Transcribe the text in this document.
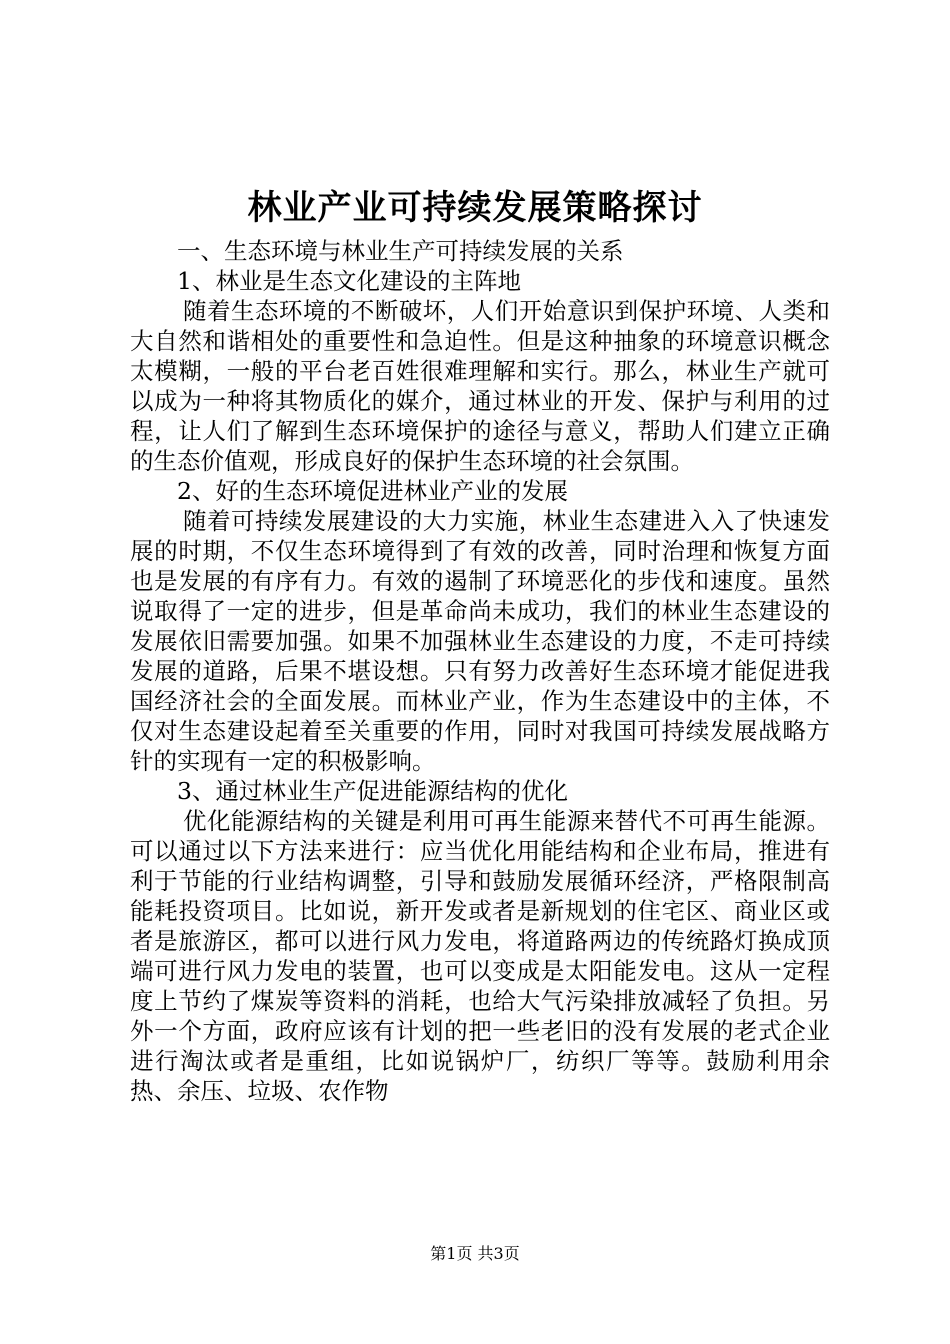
林业产业可持续发展策略探讨

一、生态环境与林业生产可持续发展的关系

1、林业是生态文化建设的主阵地

随着生态环境的不断破坏，人们开始意识到保护环境、人类和大自然和谐相处的重要性和急迫性。但是这种抽象的环境意识概念太模糊，一般的平台老百姓很难理解和实行。那么，林业生产就可以成为一种将其物质化的媒介，通过林业的开发、保护与利用的过程，让人们了解到生态环境保护的途径与意义，帮助人们建立正确的生态价值观，形成良好的保护生态环境的社会氛围。

2、好的生态环境促进林业产业的发展

随着可持续发展建设的大力实施，林业生态建进入入了快速发展的时期，不仅生态环境得到了有效的改善，同时治理和恢复方面也是发展的有序有力。有效的遏制了环境恶化的步伐和速度。虽然说取得了一定的进步，但是革命尚未成功，我们的林业生态建设的发展依旧需要加强。如果不加强林业生态建设的力度，不走可持续发展的道路，后果不堪设想。只有努力改善好生态环境才能促进我国经济社会的全面发展。而林业产业，作为生态建设中的主体，不仅对生态建设起着至关重要的作用，同时对我国可持续发展战略方针的实现有一定的积极影响。

3、通过林业生产促进能源结构的优化

优化能源结构的关键是利用可再生能源来替代不可再生能源。可以通过以下方法来进行：应当优化用能结构和企业布局，推进有利于节能的行业结构调整，引导和鼓励发展循环经济，严格限制高能耗投资项目。比如说，新开发或者是新规划的住宅区、商业区或者是旅游区，都可以进行风力发电，将道路两边的传统路灯换成顶端可进行风力发电的装置，也可以变成是太阳能发电。这从一定程度上节约了煤炭等资料的消耗，也给大气污染排放减轻了负担。另外一个方面，政府应该有计划的把一些老旧的没有发展的老式企业进行淘汰或者是重组，比如说锅炉厂，纺织厂等等。鼓励利用余热、余压、垃圾、农作物

第1页 共3页
